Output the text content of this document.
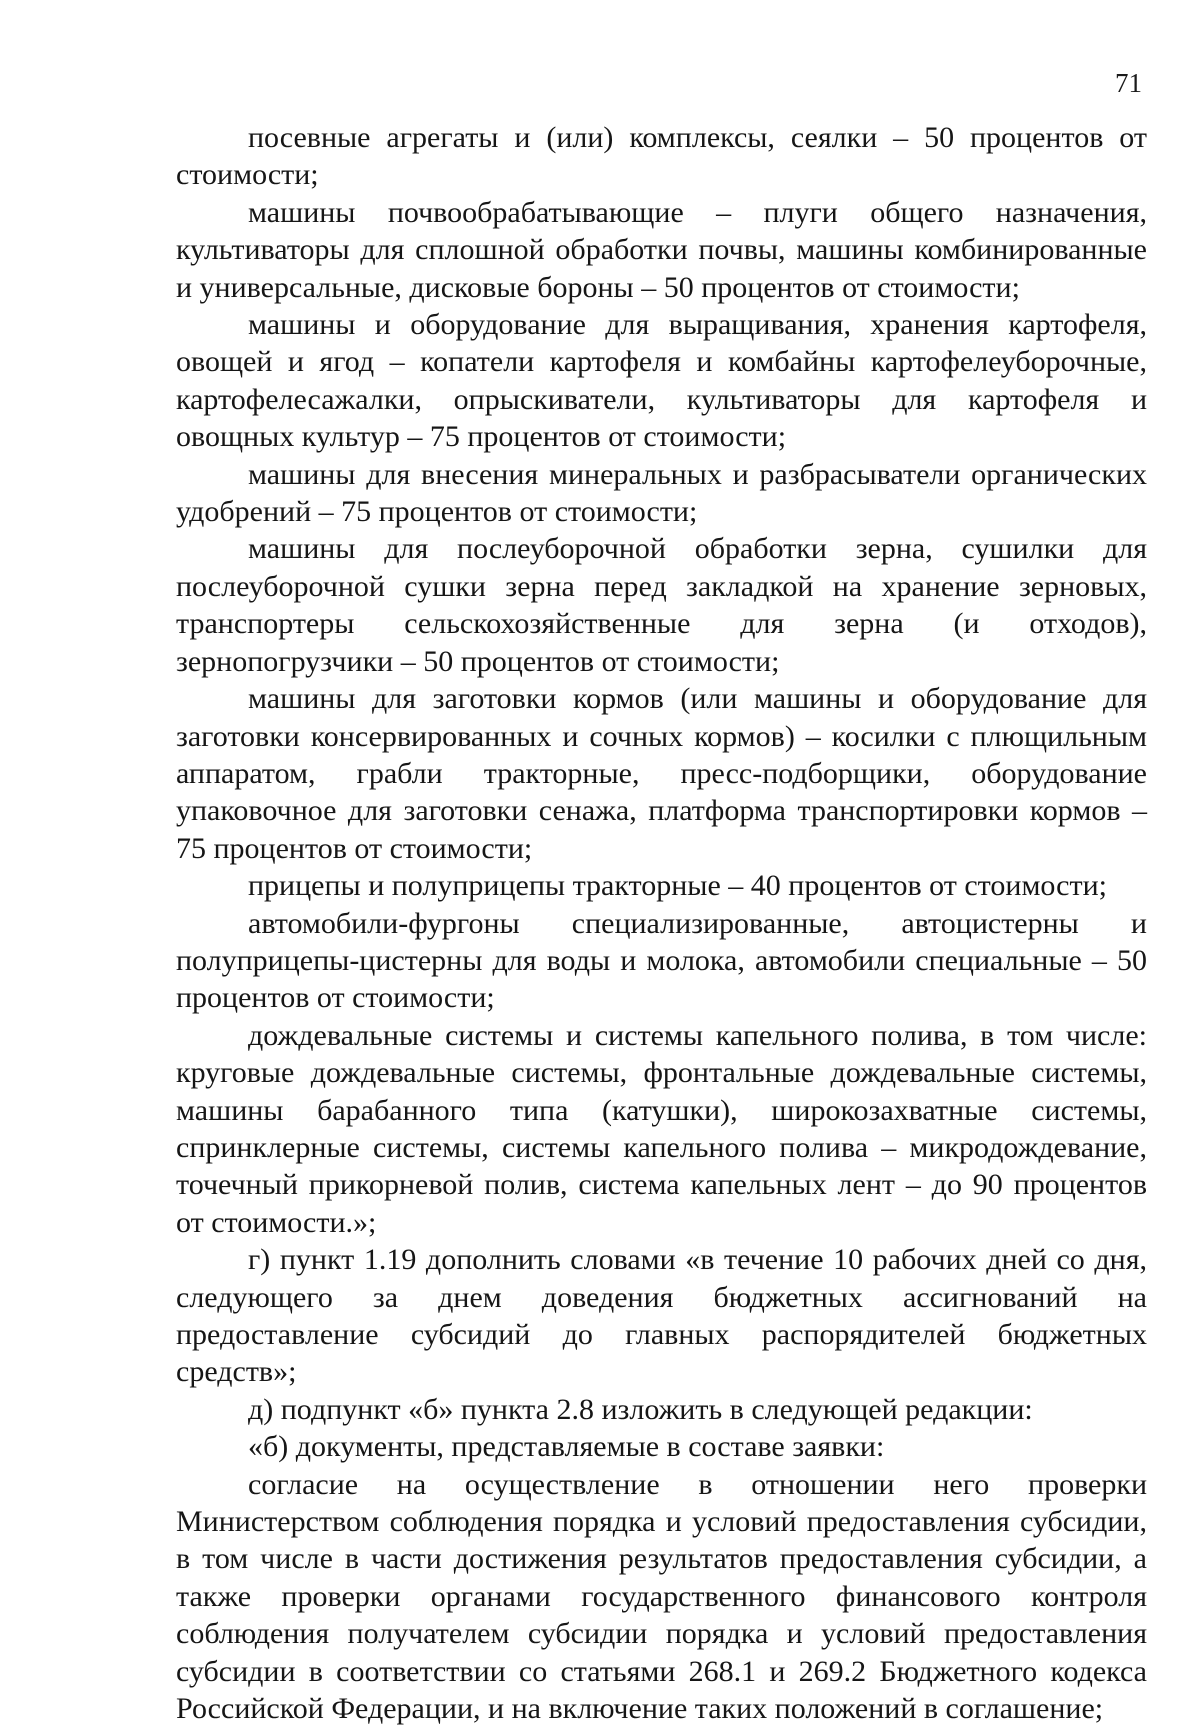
71

посевные агрегаты и (или) комплексы, сеялки – 50 процентов от стоимости;

машины почвообрабатывающие – плуги общего назначения, культиваторы для сплошной обработки почвы, машины комбинированные и универсальные, дисковые бороны – 50 процентов от стоимости;

машины и оборудование для выращивания, хранения картофеля, овощей и ягод – копатели картофеля и комбайны картофелеуборочные, картофелесажалки, опрыскиватели, культиваторы для картофеля и овощных культур – 75 процентов от стоимости;

машины для внесения минеральных и разбрасыватели органических удобрений – 75 процентов от стоимости;

машины для послеуборочной обработки зерна, сушилки для послеуборочной сушки зерна перед закладкой на хранение зерновых, транспортеры сельскохозяйственные для зерна (и отходов), зернопогрузчики – 50 процентов от стоимости;

машины для заготовки кормов (или машины и оборудование для заготовки консервированных и сочных кормов) – косилки с плющильным аппаратом, грабли тракторные, пресс-подборщики, оборудование упаковочное для заготовки сенажа, платформа транспортировки кормов – 75 процентов от стоимости;

прицепы и полуприцепы тракторные – 40 процентов от стоимости;

автомобили-фургоны специализированные, автоцистерны и полуприцепы-цистерны для воды и молока, автомобили специальные – 50 процентов от стоимости;

дождевальные системы и системы капельного полива, в том числе: круговые дождевальные системы, фронтальные дождевальные системы, машины барабанного типа (катушки), широкозахватные системы, спринклерные системы, системы капельного полива – микродождевание, точечный прикорневой полив, система капельных лент – до 90 процентов от стоимости.»;

г) пункт 1.19 дополнить словами «в течение 10 рабочих дней со дня, следующего за днем доведения бюджетных ассигнований на предоставление субсидий до главных распорядителей бюджетных средств»;

д) подпункт «б» пункта 2.8 изложить в следующей редакции:

«б) документы, представляемые в составе заявки:

согласие на осуществление в отношении него проверки Министерством соблюдения порядка и условий предоставления субсидии, в том числе в части достижения результатов предоставления субсидии, а также проверки органами государственного финансового контроля соблюдения получателем субсидии порядка и условий предоставления субсидии в соответствии со статьями 268.1 и 269.2 Бюджетного кодекса Российской Федерации, и на включение таких положений в соглашение;
